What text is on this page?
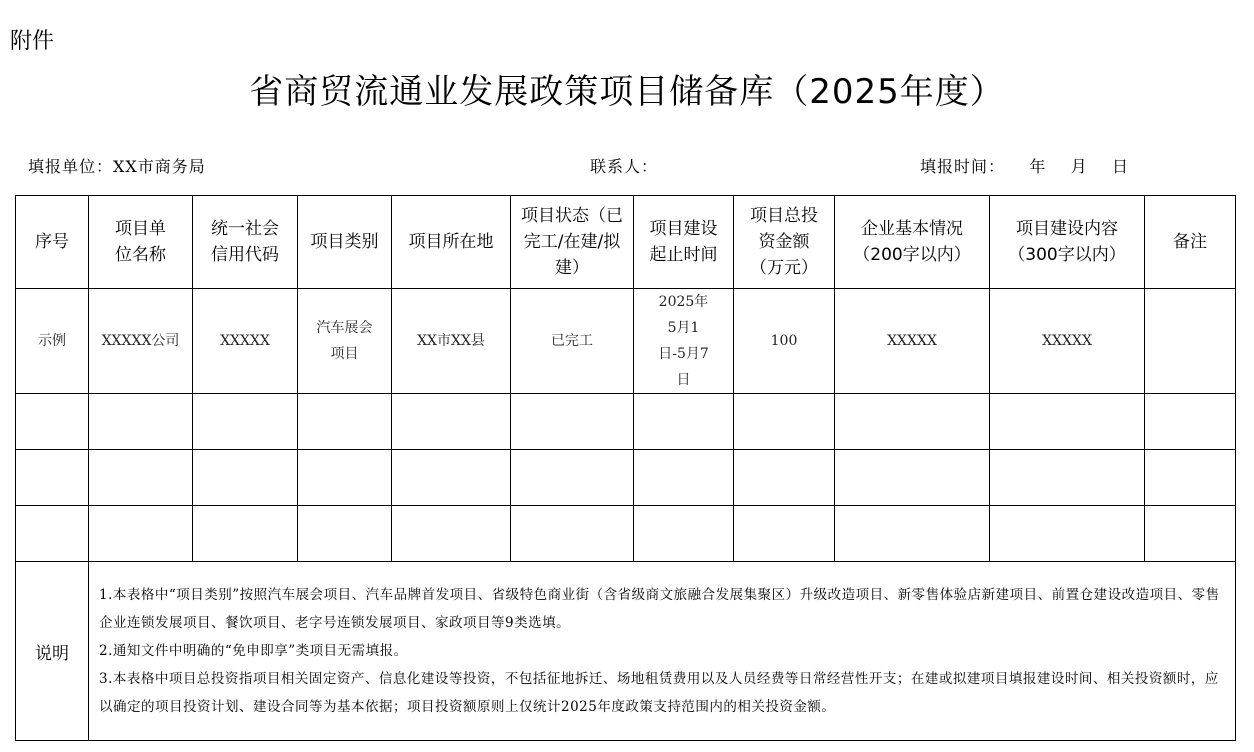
附件
省商贸流通业发展政策项目储备库（2025年度）
填报单位：XX市商务局	联系人：	填报时间：    年    月    日
序号	项目单位名称	统一社会信用代码	项目类别	项目所在地	项目状态（已完工/在建/拟建）	项目建设起止时间	项目总投资金额（万元）	企业基本情况（200字以内）	项目建设内容（300字以内）	备注
示例	XXXXX公司	XXXXX	汽车展会项目	XX市XX县	已完工	2025年5月1日-5月7日	100	XXXXX	XXXXX	

说明	1.本表格中“项目类别”按照汽车展会项目、汽车品牌首发项目、省级特色商业街（含省级商文旅融合发展集聚区）升级改造项目、新零售体验店新建项目、前置仓建设改造项目、零售企业连锁发展项目、餐饮项目、老字号连锁发展项目、家政项目等9类选填。
2.通知文件中明确的“免申即享”类项目无需填报。
3.本表格中项目总投资指项目相关固定资产、信息化建设等投资，不包括征地拆迁、场地租赁费用以及人员经费等日常经营性开支；在建或拟建项目填报建设时间、相关投资额时，应以确定的项目投资计划、建设合同等为基本依据；项目投资额原则上仅统计2025年度政策支持范围内的相关投资金额。									
